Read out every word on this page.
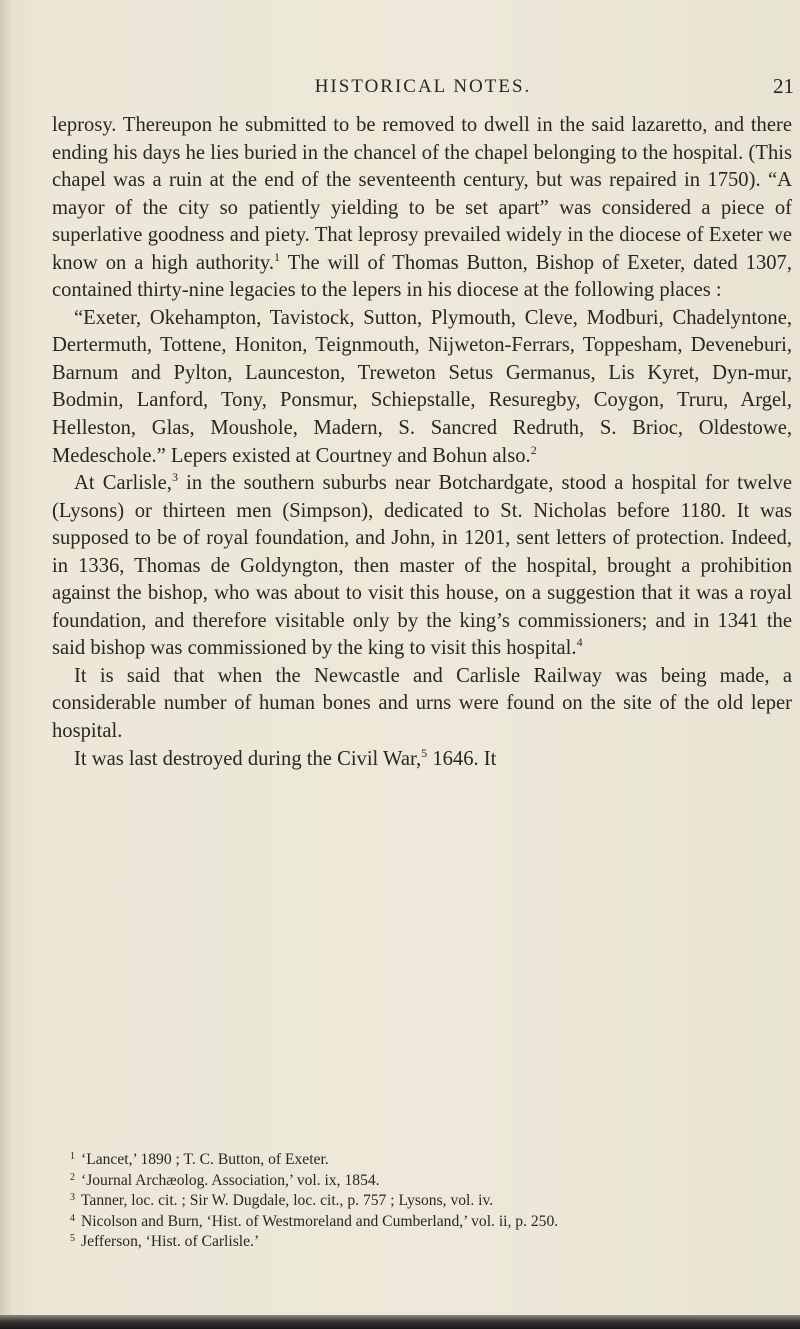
HISTORICAL NOTES.	21

leprosy. Thereupon he submitted to be removed to dwell in the said lazaretto, and there ending his days he lies buried in the chancel of the chapel belonging to the hospital. (This chapel was a ruin at the end of the seventeenth century, but was repaired in 1750). “A mayor of the city so patiently yielding to be set apart” was considered a piece of superlative goodness and piety. That leprosy prevailed widely in the diocese of Exeter we know on a high authority.$^1$ The will of Thomas Button, Bishop of Exeter, dated 1307, contained thirty-nine legacies to the lepers in his diocese at the following places :

“Exeter, Okehampton, Tavistock, Sutton, Plymouth, Cleve, Modburi, Chadelyntone, Dertermuth, Tottene, Honiton, Teignmouth, Nijweton-Ferrars, Toppesham, Deveneburi, Barnum and Pylton, Launceston, Treweton Setus Germanus, Lis Kyret, Dyn-mur, Bodmin, Lanford, Tony, Ponsmur, Schiepstalle, Resuregby, Coygon, Truru, Argel, Helleston, Glas, Moushole, Madern, S. Sancred Redruth, S. Brioc, Oldestowe, Medeschole.” Lepers existed at Courtney and Bohun also.$^2$

At Carlisle,$^3$ in the southern suburbs near Botchardgate, stood a hospital for twelve (Lysons) or thirteen men (Simpson), dedicated to St. Nicholas before 1180. It was supposed to be of royal foundation, and John, in 1201, sent letters of protection. Indeed, in 1336, Thomas de Goldyngton, then master of the hospital, brought a prohibition against the bishop, who was about to visit this house, on a suggestion that it was a royal foundation, and therefore visitable only by the king’s commissioners; and in 1341 the said bishop was commissioned by the king to visit this hospital.$^4$

It is said that when the Newcastle and Carlisle Railway was being made, a considerable number of human bones and urns were found on the site of the old leper hospital.

It was last destroyed during the Civil War,$^5$ 1646. It

$^1$ ‘Lancet,’ 1890 ; T. C. Button, of Exeter.
$^2$ ‘Journal Archæolog. Association,’ vol. ix, 1854.
$^3$ Tanner, loc. cit. ; Sir W. Dugdale, loc. cit., p. 757 ; Lysons, vol. iv.
$^4$ Nicolson and Burn, ‘Hist. of Westmoreland and Cumberland,’ vol. ii, p. 250.
$^5$ Jefferson, ‘Hist. of Carlisle.’
